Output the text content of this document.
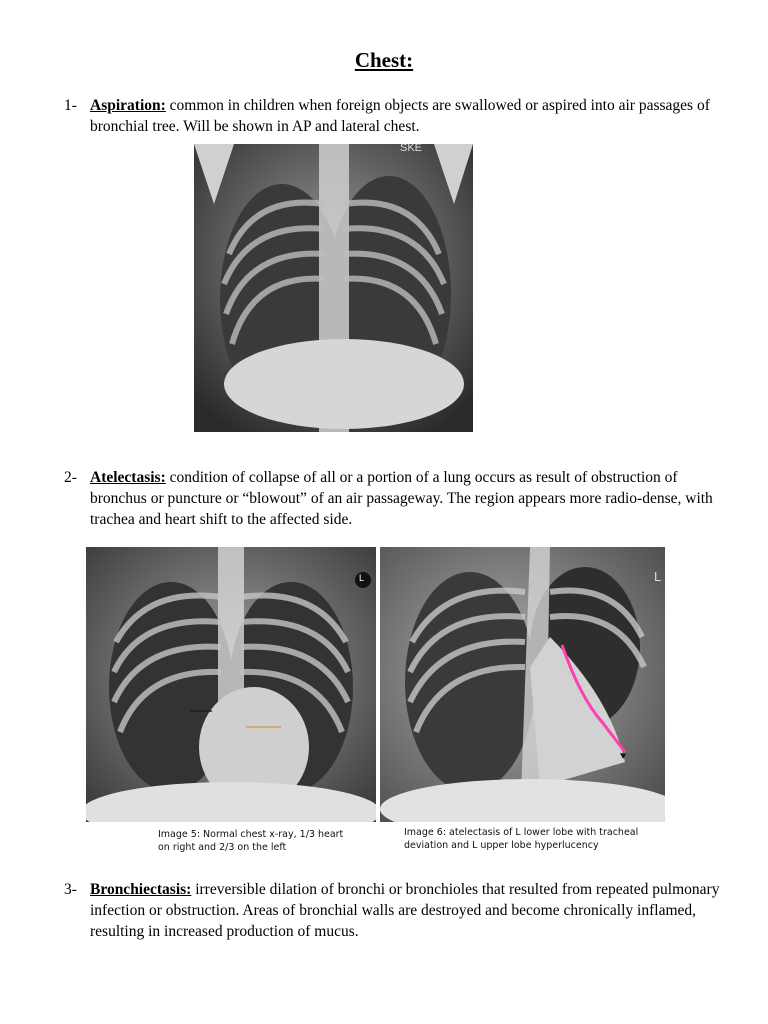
Chest:
1- Aspiration: common in children when foreign objects are swallowed or aspired into air passages of bronchial tree. Will be shown in AP and lateral chest.
SKE
2- Atelectasis: condition of collapse of all or a portion of a lung occurs as result of obstruction of bronchus or puncture or “blowout” of an air passageway. The region appears more radio-dense, with trachea and heart shift to the affected side.
L	L
Image 5: Normal chest x-ray, 1/3 heart on right and 2/3 on the left
Image 6: atelectasis of L lower lobe with tracheal deviation and L upper lobe hyperlucency
3- Bronchiectasis: irreversible dilation of bronchi or bronchioles that resulted from repeated pulmonary infection or obstruction. Areas of bronchial walls are destroyed and become chronically inflamed, resulting in increased production of mucus.
